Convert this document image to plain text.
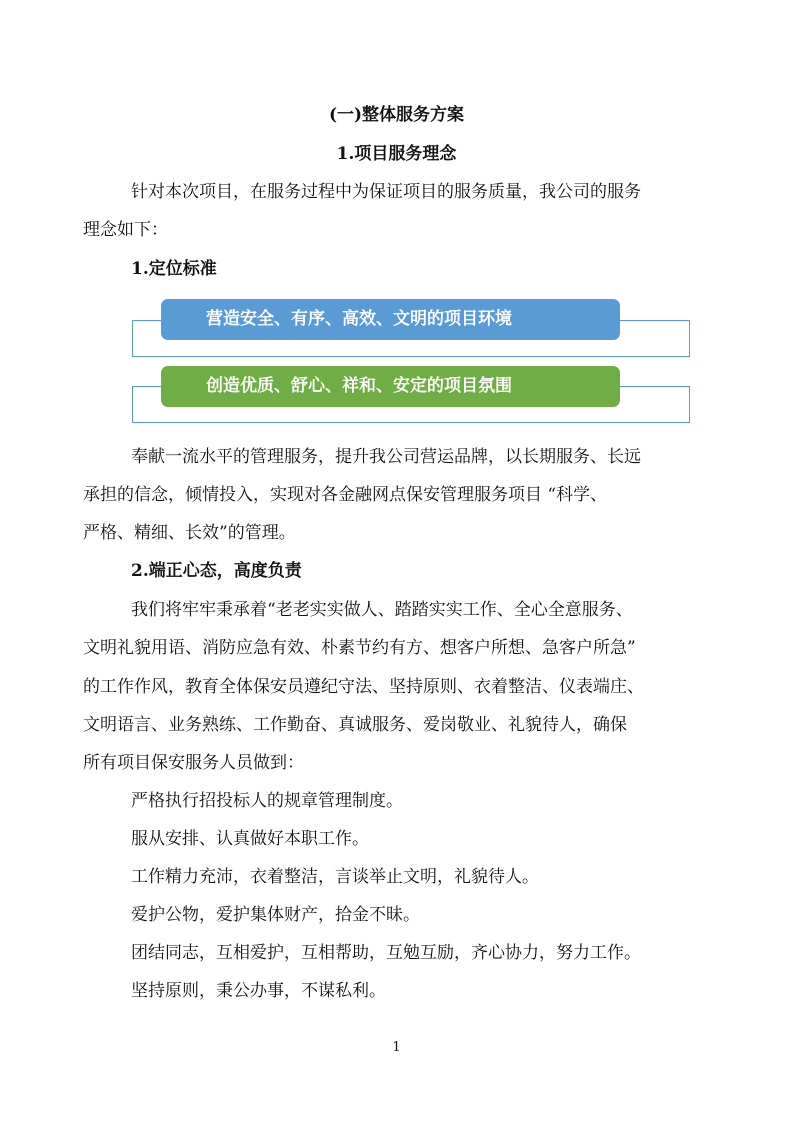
(一)整体服务方案
1.项目服务理念
针对本次项目，在服务过程中为保证项目的服务质量，我公司的服务
理念如下：
1.定位标准
营造安全、有序、高效、文明的项目环境
创造优质、舒心、祥和、安定的项目氛围
奉献一流水平的管理服务，提升我公司营运品牌，以长期服务、长远
承担的信念，倾情投入，实现对各金融网点保安管理服务项目 “科学、
严格、精细、长效”的管理。
2.端正心态，高度负责
我们将牢牢秉承着“老老实实做人、踏踏实实工作、全心全意服务、
文明礼貌用语、消防应急有效、朴素节约有方、想客户所想、急客户所急”
的工作作风，教育全体保安员遵纪守法、坚持原则、衣着整洁、仪表端庄、
文明语言、业务熟练、工作勤奋、真诚服务、爱岗敬业、礼貌待人，确保
所有项目保安服务人员做到：
严格执行招投标人的规章管理制度。
服从安排、认真做好本职工作。
工作精力充沛，衣着整洁，言谈举止文明，礼貌待人。
爱护公物，爱护集体财产，拾金不昧。
团结同志，互相爱护，互相帮助，互勉互励，齐心协力，努力工作。
坚持原则，秉公办事，不谋私利。
1
